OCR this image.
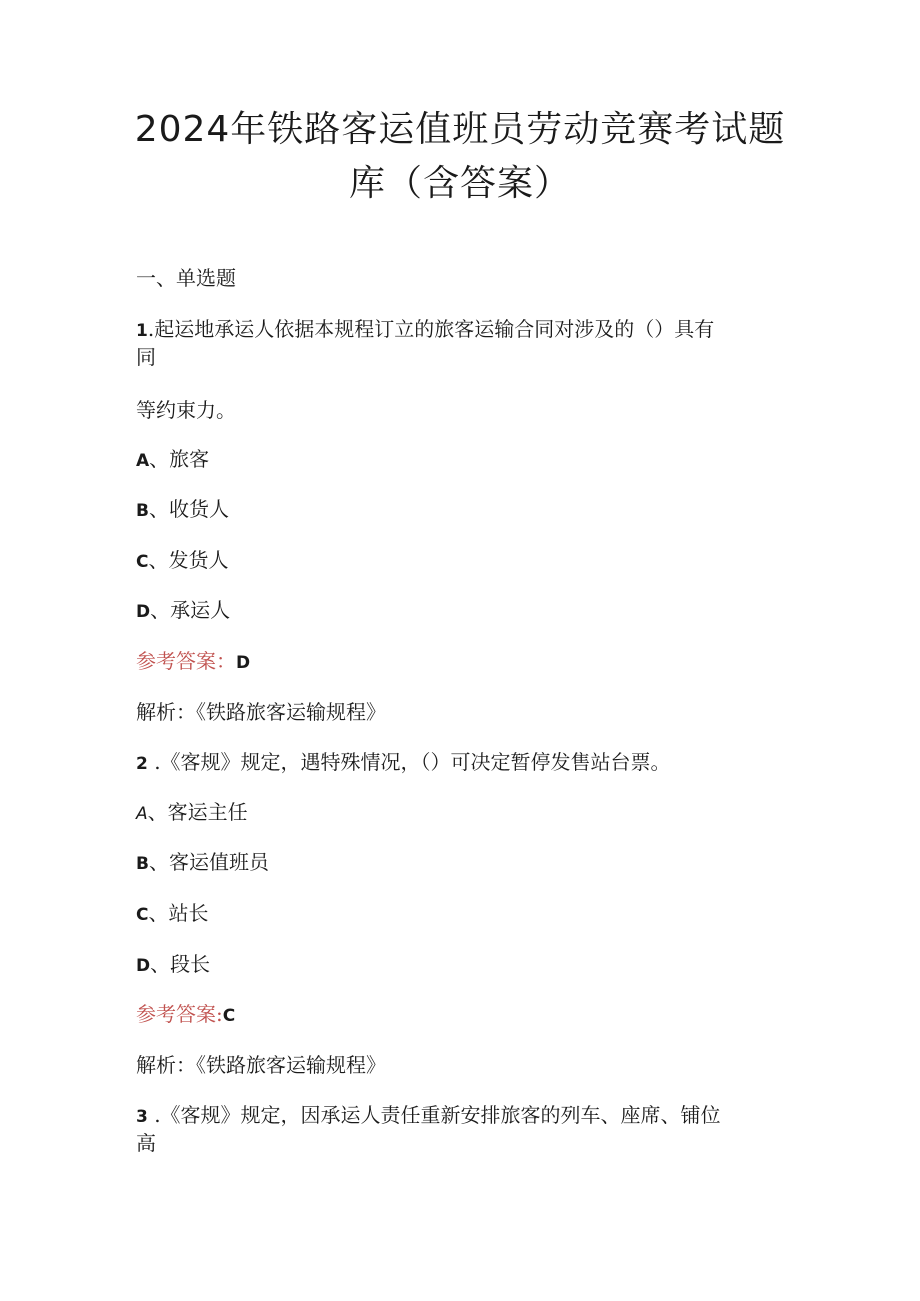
2024年铁路客运值班员劳动竞赛考试题
库（含答案）
一、单选题
1.起运地承运人依据本规程订立的旅客运输合同对涉及的（）具有
同
等约束力。
A、旅客
B、收货人
C、发货人
D、承运人
参考答案：D
解析：《铁路旅客运输规程》
2 .《客规》规定，遇特殊情况，（）可决定暂停发售站台票。
A、客运主任
B、客运值班员
C、站长
D、段长
参考答案:C
解析：《铁路旅客运输规程》
3 .《客规》规定，因承运人责任重新安排旅客的列车、座席、铺位
高
